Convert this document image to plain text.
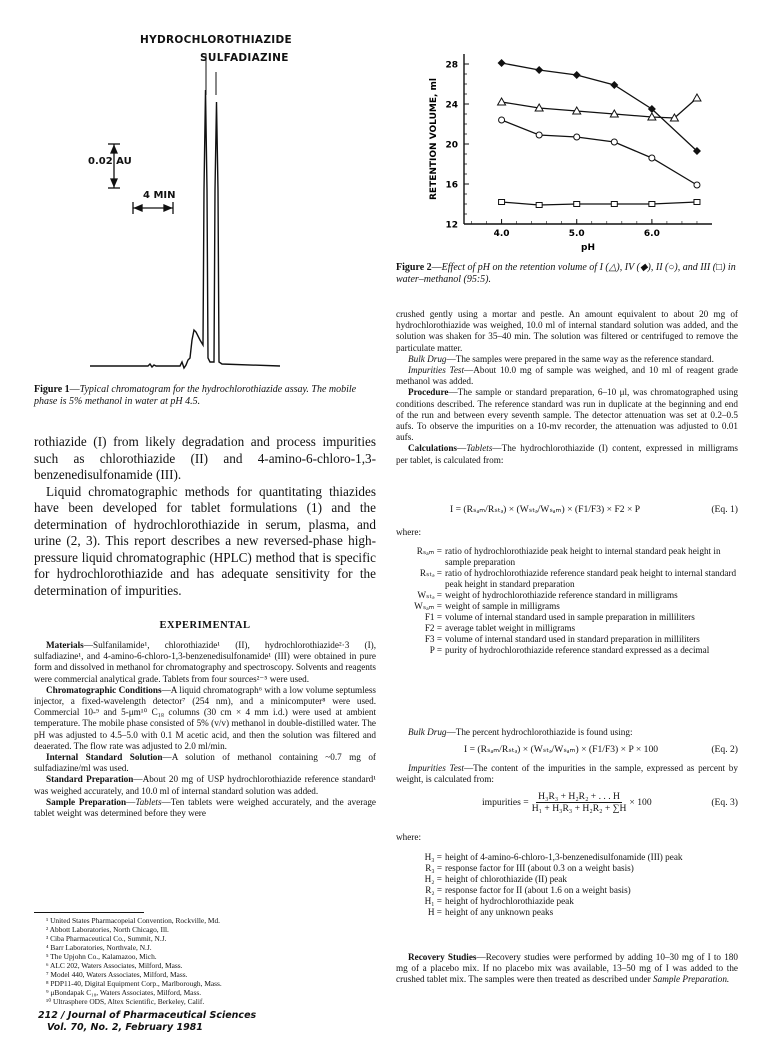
HYDROCHLOROTHIAZIDE
SULFADIAZINE
0.02 AU
4 MIN
Figure 1—Typical chromatogram for the hydrochlorothiazide assay. The mobile phase is 5% methanol in water at pH 4.5.

rothiazide (I) from likely degradation and process impurities such as chlorothiazide (II) and 4-amino-6-chloro-1,3-benzenedisulfonamide (III).

Liquid chromatographic methods for quantitating thiazides have been developed for tablet formulations (1) and the determination of hydrochlorothiazide in serum, plasma, and urine (2, 3). This report describes a new reversed-phase high-pressure liquid chromatographic (HPLC) method that is specific for hydrochlorothiazide and has adequate sensitivity for the determination of impurities.

EXPERIMENTAL

Materials—Sulfanilamide¹, chlorothiazide¹ (II), hydrochlorothiazide²·3 (I), sulfadiazine¹, and 4-amino-6-chloro-1,3-benzenedisulfonamide¹ (III) were obtained in pure form and dissolved in methanol for chromatography and spectroscopy. Solvents and reagents were commercial analytical grade. Tablets from four sources²⁻⁵ were used.

Chromatographic Conditions—A liquid chromatograph⁶ with a low volume septumless injector, a fixed-wavelength detector⁷ (254 nm), and a minicomputer⁸ were used. Commercial 10-⁹ and 5-μm¹⁰ C₁₈ columns (30 cm × 4 mm i.d.) were used at ambient temperature. The mobile phase consisted of 5% (v/v) methanol in double-distilled water. The pH was adjusted to 4.5–5.0 with 0.1 M acetic acid, and then the solution was filtered and deaerated. The flow rate was adjusted to 2.0 ml/min.

Internal Standard Solution—A solution of methanol containing ~0.7 mg of sulfadiazine/ml was used.

Standard Preparation—About 20 mg of USP hydrochlorothiazide reference standard¹ was weighed accurately, and 10.0 ml of internal standard solution was added.

Sample Preparation—Tablets—Ten tablets were weighed accurately, and the average tablet weight was determined before they were

¹ United States Pharmacopeial Convention, Rockville, Md.
² Abbott Laboratories, North Chicago, Ill.
³ Ciba Pharmaceutical Co., Summit, N.J.
⁴ Barr Laboratories, Northvale, N.J.
⁵ The Upjohn Co., Kalamazoo, Mich.
⁶ ALC 202, Waters Associates, Milford, Mass.
⁷ Model 440, Waters Associates, Milford, Mass.
⁸ PDP11-40, Digital Equipment Corp., Marlborough, Mass.
⁹ μBondapak C₁₈, Waters Associates, Milford, Mass.
¹⁰ Ultrasphere ODS, Altex Scientific, Berkeley, Calif.
212 / Journal of Pharmaceutical Sciences
Vol. 70, No. 2, February 1981
12
16
20
24
28
4.0	5.0	6.0
pH
RETENTION VOLUME, ml
Figure 2—Effect of pH on the retention volume of I (△), IV (◆), II (○), and III (□) in water–methanol (95:5).

crushed gently using a mortar and pestle. An amount equivalent to about 20 mg of hydrochlorothiazide was weighed, 10.0 ml of internal standard solution was added, and the solution was shaken for 35–40 min. The solution was filtered or centrifuged to remove the particulate matter.

Bulk Drug—The samples were prepared in the same way as the reference standard.

Impurities Test—About 10.0 mg of sample was weighed, and 10 ml of reagent grade methanol was added.

Procedure—The sample or standard preparation, 6–10 μl, was chromatographed using conditions described. The reference standard was run in duplicate at the beginning and end of the run and between every seventh sample. The detector attenuation was set at 0.2–0.5 aufs. To observe the impurities on a 10-mv recorder, the attenuation was adjusted to 0.01 aufs.

Calculations—Tablets—The hydrochlorothiazide (I) content, expressed in milligrams per tablet, is calculated from:

I = (Rₛₐₘ/Rₛₜₔ) × (Wₛₜₔ/Wₛₐₘ) × (F1/F3) × F2 × P	(Eq. 1)
where:
Rₛₐₘ = ratio of hydrochlorothiazide peak height to internal standard peak height in sample preparation
Rₛₜₔ = ratio of hydrochlorothiazide reference standard peak height to internal standard peak height in standard preparation
Wₛₜₔ = weight of hydrochlorothiazide reference standard in milligrams
Wₛₐₘ = weight of sample in milligrams
F1 = volume of internal standard used in sample preparation in milliliters
F2 = average tablet weight in milligrams
F3 = volume of internal standard used in standard preparation in milliliters
P = purity of hydrochlorothiazide reference standard expressed as a decimal

Bulk Drug—The percent hydrochlorothiazide is found using:

I = (Rₛₐₘ/Rₛₜₔ) × (Wₛₜₔ/Wₛₐₘ) × (F1/F3) × P × 100	(Eq. 2)

Impurities Test—The content of the impurities in the sample, expressed as percent by weight, is calculated from:

impurities = $\frac{\text{H₃R₃ + H₂R₂ + . . . H}}{\text{H₁ + H₃R₃ + H₂R₂ + ∑H}} \times 100$	(Eq. 3)
where:
H₃ = height of 4-amino-6-chloro-1,3-benzenedisulfonamide (III) peak
R₃ = response factor for III (about 0.3 on a weight basis)
H₂ = height of chlorothiazide (II) peak
R₂ = response factor for II (about 1.6 on a weight basis)
H₁ = height of hydrochlorothiazide peak
H = height of any unknown peaks

Recovery Studies—Recovery studies were performed by adding 10–30 mg of I to 180 mg of a placebo mix. If no placebo mix was available, 13–50 mg of I was added to the crushed tablet mix. The samples were then treated as described under Sample Preparation.
